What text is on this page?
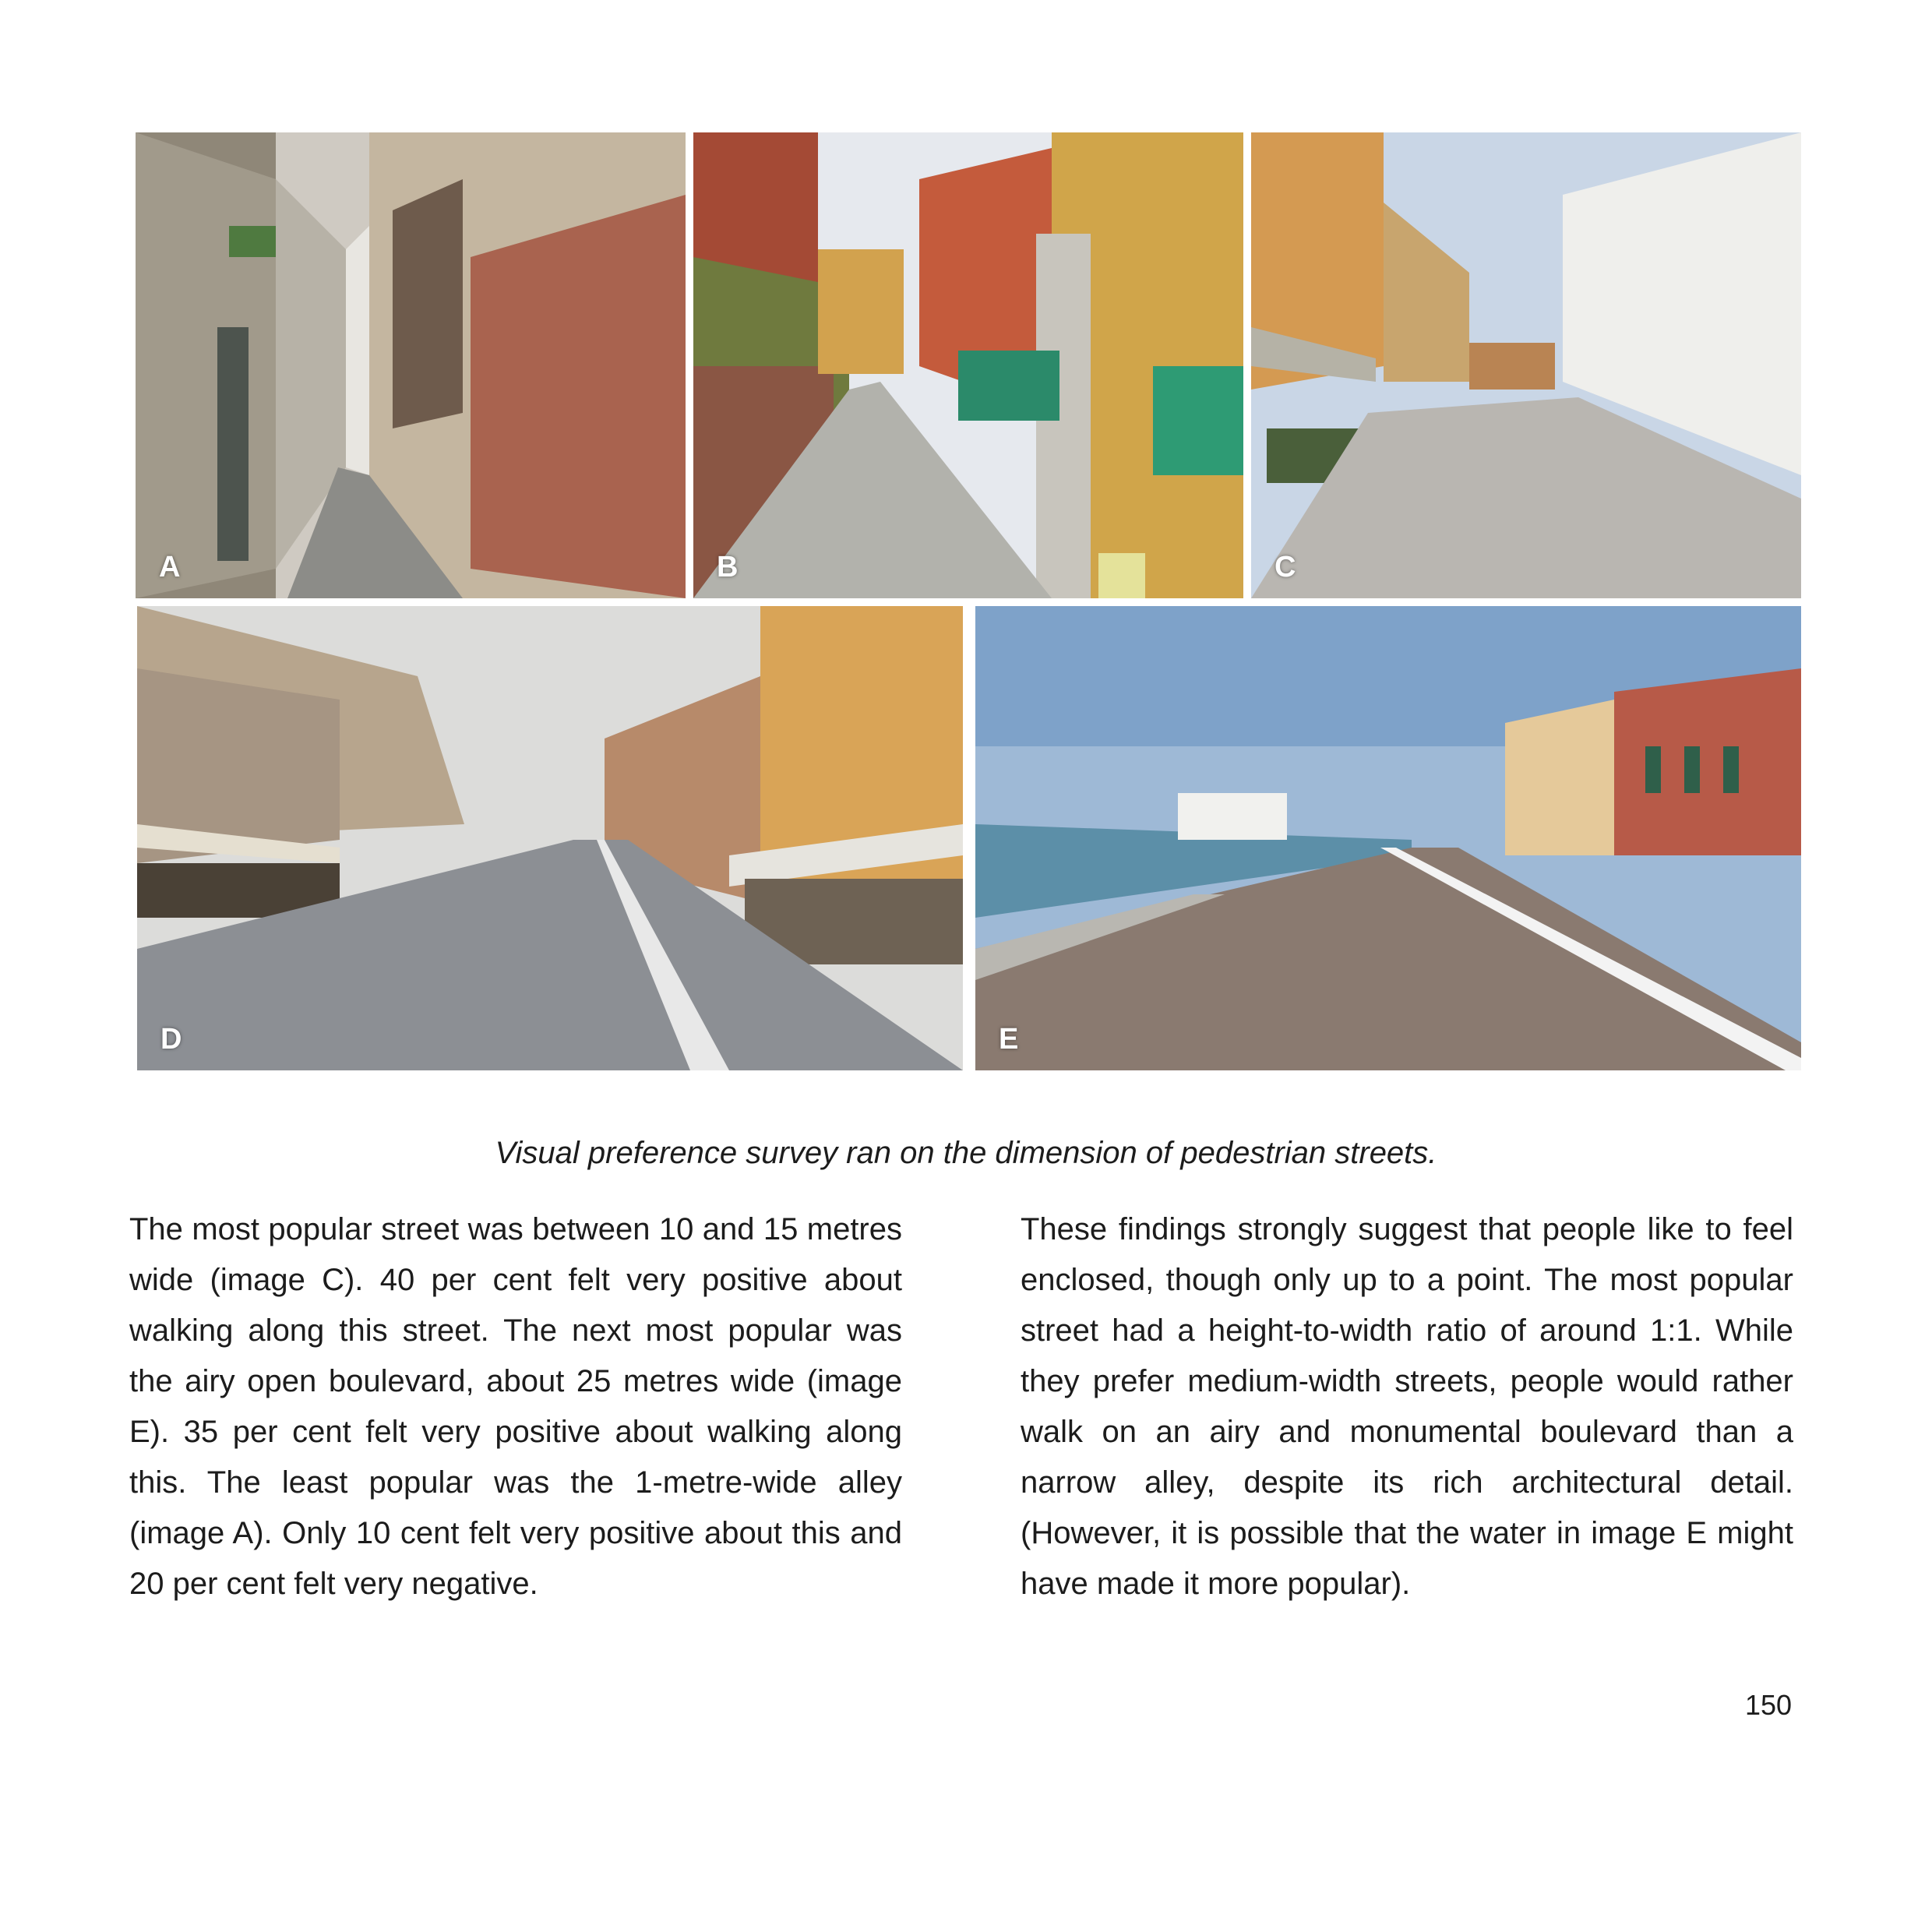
A	B	C
D	E
Visual preference survey ran on the dimension of pedestrian streets.
The most popular street was between 10 and 15 metres wide (image C). 40 per cent felt very positive about walking along this street. The next most popular was the airy open boulevard, about 25 metres wide (image E). 35 per cent felt very positive about walking along this. The least popular was the 1-metre-wide alley (image A). Only 10 cent felt very positive about this and 20 per cent felt very negative.
These findings strongly suggest that people like to feel enclosed, though only up to a point. The most popular street had a height-to-width ratio of around 1:1. While they prefer medium-width streets, people would rather walk on an airy and monumental boulevard than a narrow alley, despite its rich architectural detail. (However, it is possible that the water in image E might have made it more popular).
150
